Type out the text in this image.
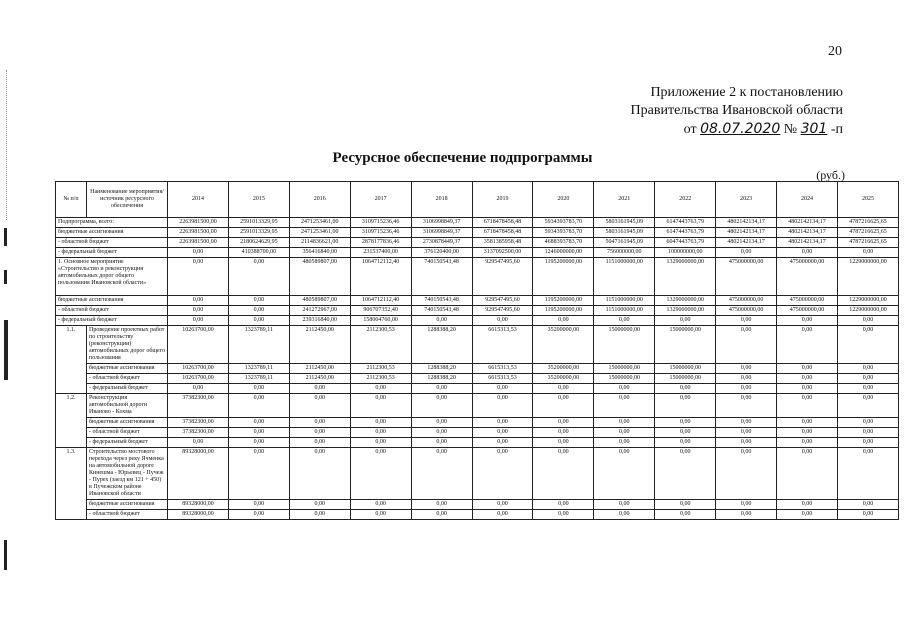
20
Приложение 2 к постановлению
Правительства Ивановской области
от 08.07.2020 № 301 -п
Ресурсное обеспечение подпрограммы
(руб.)
№ п/п	Наименование мероприятия/источник ресурсного обеспечения	2014	2015	2016	2017	2018	2019	2020	2021	2022	2023	2024	2025
Подпрограмма, всего:		2263981500,00	2591013329,95	2471253461,00	3109715236,46	3106998849,37	6718478458,48	5934393783,70	5803161945,09	6147443763,79	4802142134,17	4802142134,17	4787216625,65
бюджетные ассигнования		2263981500,00	2591013329,95	2471253461,00	3109715236,46	3106998849,37	6718478458,48	5934393783,70	5803161945,09	6147443763,79	4802142134,17	4802142134,17	4787216625,65
- областной бюджет		2263981500,00	2180624629,95	2114836621,00	2878177836,46	2730878449,37	3581385958,48	4688393783,70	5047161945,09	6047443763,79	4802142134,17	4802142134,17	4787216625,65
- федеральный бюджет		0,00	410388700,00	356416840,00	231537400,00	376120400,00	3137092500,00	1246000000,00	756000000,00	100000000,00	0,00	0,00	0,00
1. Основное мероприятие «Строительство и реконструкция автомобильных дорог общего пользования Ивановской области»		0,00	0,00	480589807,00	1064712112,40	740150543,48	929547495,60	1195200000,00	1151000000,00	1329000000,00	475000000,00	475000000,00	1229000000,00
бюджетные ассигнования		0,00	0,00	480589807,00	1064712112,40	740150543,48	929547495,60	1195200000,00	1151000000,00	1329000000,00	475000000,00	475000000,00	1229000000,00
- областной бюджет		0,00	0,00	241272967,00	906707352,40	740150543,48	929547495,60	1195200000,00	1151000000,00	1329000000,00	475000000,00	475000000,00	1229000000,00
- федеральный бюджет		0,00	0,00	239316840,00	158004760,00	0,00	0,00	0,00	0,00	0,00	0,00	0,00	0,00
1.1.	Проведение проектных работ по строительству (реконструкции) автомобильных дорог общего пользования	10263700,00	1323789,11	2112450,00	2112300,53	1288388,20	6615313,53	35200000,00	15000000,00	15000000,00	0,00	0,00	0,00
	бюджетные ассигнования	10263700,00	1323789,11	2112450,00	2112300,53	1288388,20	6615313,53	35200000,00	15000000,00	15000000,00	0,00	0,00	0,00
	- областной бюджет	10263700,00	1323789,11	2112450,00	2112300,53	1288388,20	6615313,53	35200000,00	15000000,00	15000000,00	0,00	0,00	0,00
	- федеральный бюджет	0,00	0,00	0,00	0,00	0,00	0,00	0,00	0,00	0,00	0,00	0,00	0,00
1.2.	Реконструкция автомобильной дороги Иваново - Кохма	37382300,00	0,00	0,00	0,00	0,00	0,00	0,00	0,00	0,00	0,00	0,00	0,00
	бюджетные ассигнования	37382300,00	0,00	0,00	0,00	0,00	0,00	0,00	0,00	0,00	0,00	0,00	0,00
	- областной бюджет	37382300,00	0,00	0,00	0,00	0,00	0,00	0,00	0,00	0,00	0,00	0,00	0,00
	- федеральный бюджет	0,00	0,00	0,00	0,00	0,00	0,00	0,00	0,00	0,00	0,00	0,00	0,00
1.3.	Строительство мостового перехода через реку Ячменка на автомобильной дороге Кинешма - Юрьевец - Пучеж - Пурех (заезд км 121 + 450) в Пучежском районе Ивановской области	89328000,00	0,00	0,00	0,00	0,00	0,00	0,00	0,00	0,00	0,00	0,00	0,00
	бюджетные ассигнования	89328000,00	0,00	0,00	0,00	0,00	0,00	0,00	0,00	0,00	0,00	0,00	0,00
	- областной бюджет	89328000,00	0,00	0,00	0,00	0,00	0,00	0,00	0,00	0,00	0,00	0,00	0,00
